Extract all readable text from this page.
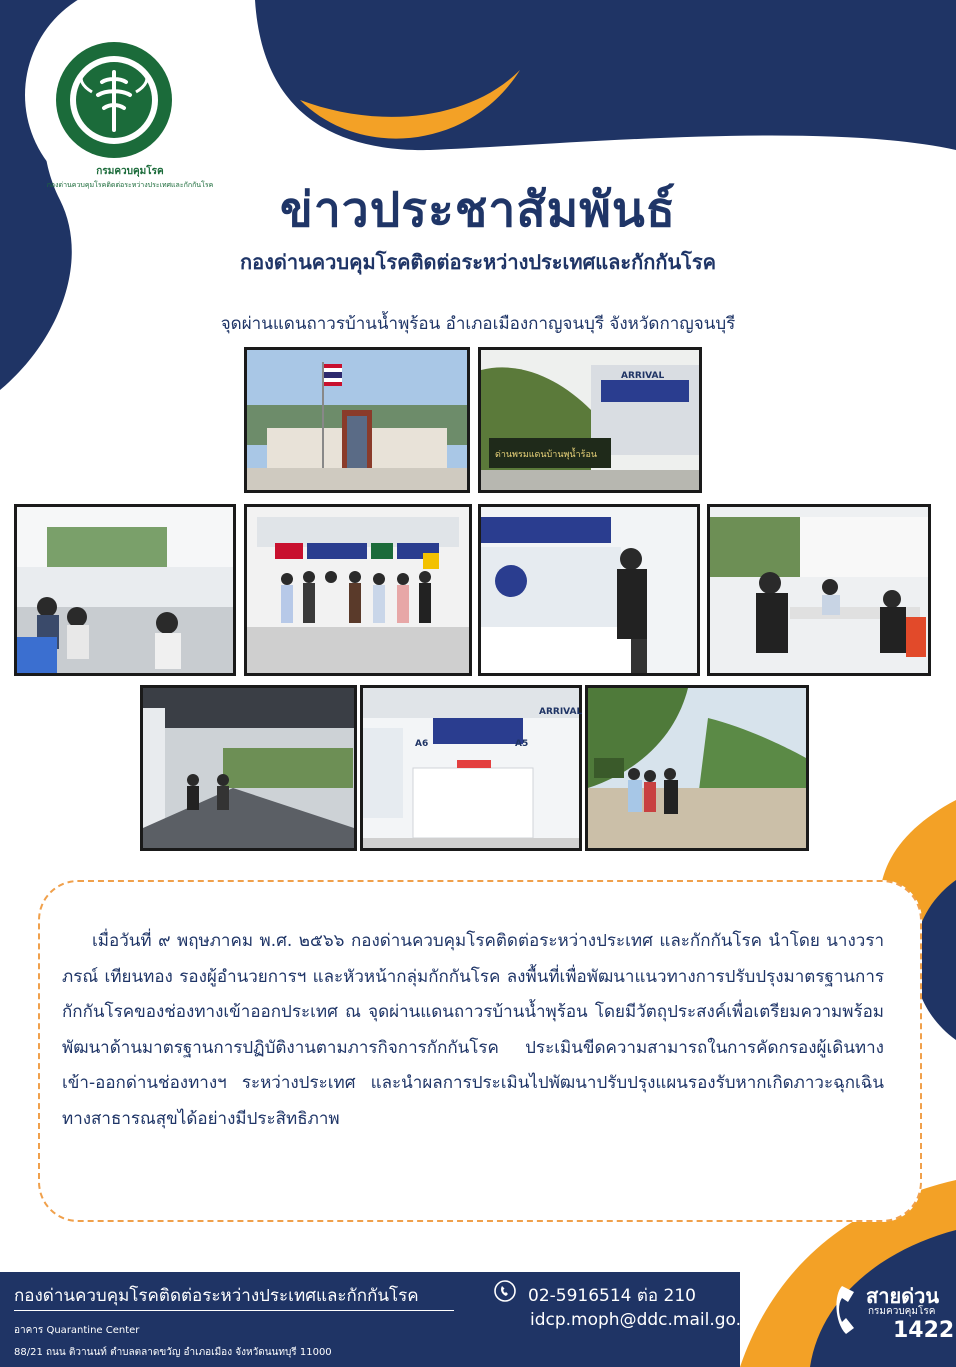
กรมควบคุมโรค
กองด่านควบคุมโรคติดต่อระหว่างประเทศและกักกันโรค	ข่าวประชาสัมพันธ์
กองด่านควบคุมโรคติดต่อระหว่างประเทศและกักกันโรค
จุดผ่านแดนถาวรบ้านน้ำพุร้อน อำเภอเมืองกาญจนบุรี จังหวัดกาญจนบุรี
ARRIVAL
ด่านพรมแดนบ้านพุน้ำร้อน
A6	A5
ARRIVAL

เมื่อวันที่ ๙ พฤษภาคม พ.ศ. ๒๕๖๖ กองด่านควบคุมโรคติดต่อระหว่างประเทศ และกักกันโรค นำโดย นางวราภรณ์ เทียนทอง รองผู้อำนวยการฯ และหัวหน้ากลุ่มกักกันโรค ลงพื้นที่เพื่อพัฒนาแนวทางการปรับปรุงมาตรฐานการกักกันโรคของช่องทางเข้าออกประเทศ ณ จุดผ่านแดนถาวรบ้านน้ำพุร้อน โดยมีวัตถุประสงค์เพื่อเตรียมความพร้อมพัฒนาด้านมาตรฐานการปฏิบัติงานตามภารกิจการกักกันโรค ประเมินขีดความสามารถในการคัดกรองผู้เดินทางเข้า-ออกด่านช่องทางฯ ระหว่างประเทศ และนำผลการประเมินไปพัฒนาปรับปรุงแผนรองรับหากเกิดภาวะฉุกเฉินทางสาธารณสุขได้อย่างมีประสิทธิภาพ

กองด่านควบคุมโรคติดต่อระหว่างประเทศและกักกันโรค
อาคาร Quarantine Center
88/21 ถนน ติวานนท์ ตำบลตลาดขวัญ อำเภอเมือง จังหวัดนนทบุรี 11000
02-5916514 ต่อ 210
idcp.moph@ddc.mail.go.th
สายด่วน
กรมควบคุมโรค
1422
